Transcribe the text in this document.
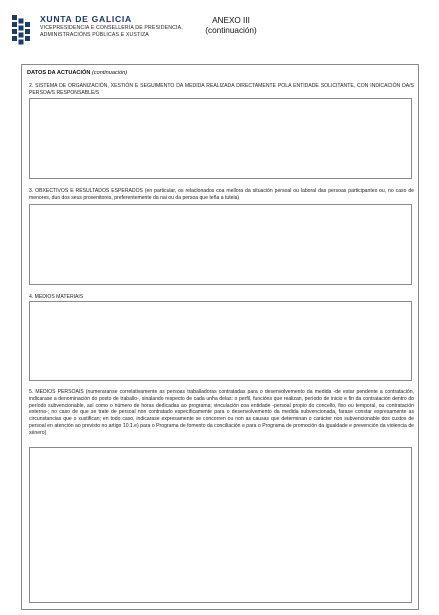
XUNTA DE GALICIA
VICEPRESIDENCIA E CONSELLERÍA DE PRESIDENCIA,
ADMINISTRACIÓNS PÚBLICAS E XUSTIZA
ANEXO III
(continuación)
DATOS DA ACTUACIÓN (continuación)
2. SISTEMA DE ORGANIZACIÓN, XESTIÓN E SEGUIMENTO DA MEDIDA REALIZADA DIRECTAMENTE POLA ENTIDADE SOLICITANTE, CON INDICACIÓN DA/S PERSOA/S RESPONSABLE/S
3. OBXECTIVOS E RESULTADOS ESPERADOS (en particular, os relacionados coa mellora da situación persoal ou laboral das persoas participantes ou, no caso de menores, dun dos seus proxenitores, preferentemente da nai ou da persoa que teña a tutela)
4. MEDIOS MATERIAIS
5. MEDIOS PERSOAIS (numeraranse correlativamente as persoas traballadoras contratadas para o desenvolvemento da medida -de estar pendente a contratación, indicarase a denominación do posto de traballo-, sinalando respecto de cada unha delas: o perfil, funcións que realizan, período de inicio e fin da contratación dentro do período subvencionable, así como o número de horas dedicadas ao programa; vinculación coa entidade -persoal propio do concello, fixo ou temporal, ou contratación externa-; no caso de que se trate de persoal non contratado específicamente para o desenvolvemento da medida subvencionada, farase constar expresamente as circunstancias que o xustifican; en todo caso, indicarase expresamente se concorren ou non as causas que determinan o carácter non subvencionable dos custos de persoal en atención ao previsto no artigo 10.1.e) para o Programa de fomento da conciliación e para o Programa de promoción da igualdade e prevención da violencia de xénero)
